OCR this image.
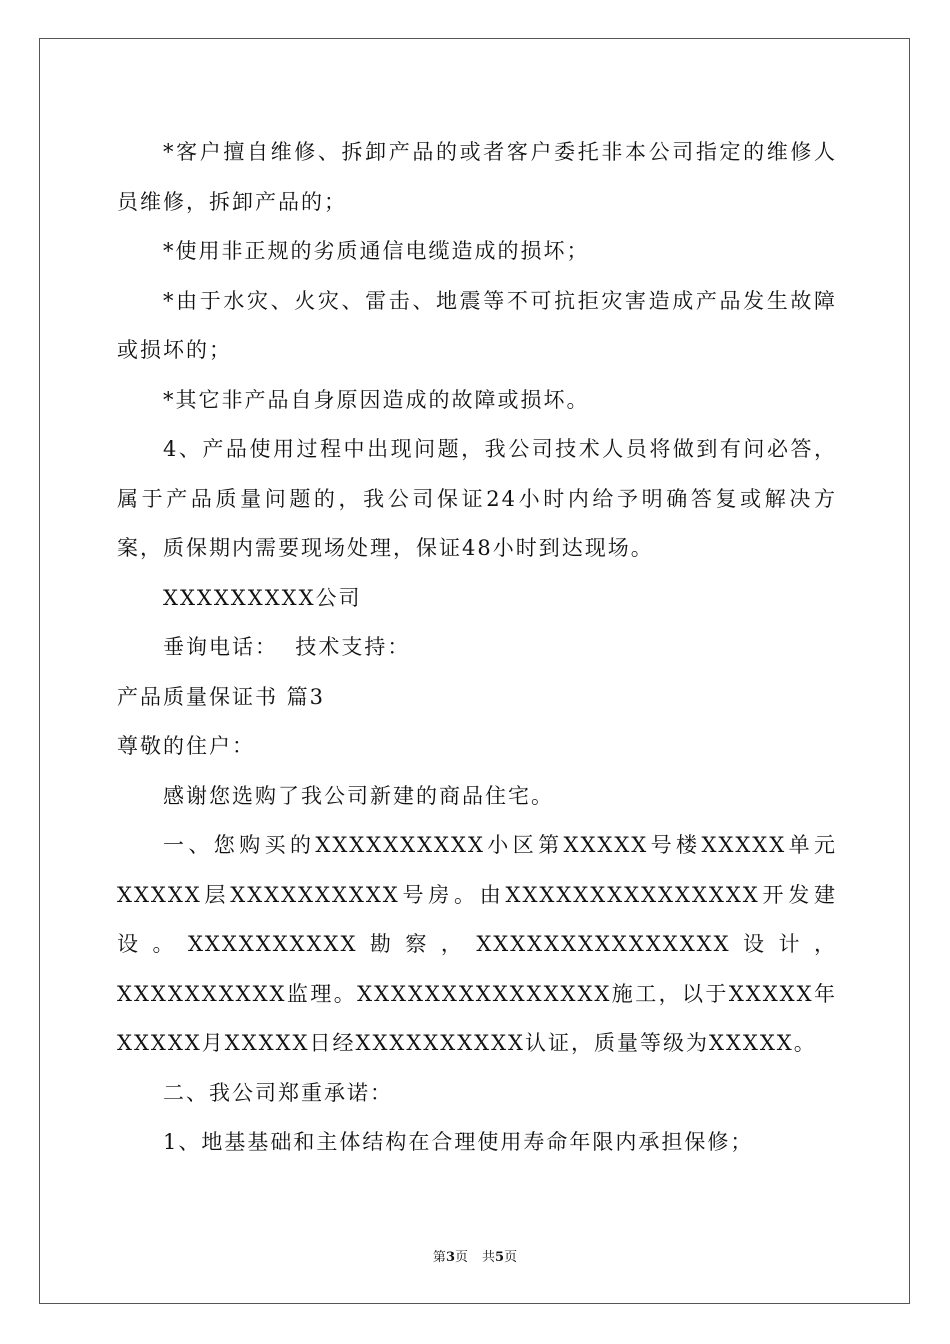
*客户擅自维修、拆卸产品的或者客户委托非本公司指定的维修人员维修，拆卸产品的；

*使用非正规的劣质通信电缆造成的损坏；

*由于水灾、火灾、雷击、地震等不可抗拒灾害造成产品发生故障或损坏的；

*其它非产品自身原因造成的故障或损坏。

4、产品使用过程中出现问题，我公司技术人员将做到有问必答，属于产品质量问题的，我公司保证24小时内给予明确答复或解决方案，质保期内需要现场处理，保证48小时到达现场。

XXXXXXXXX公司

垂询电话：  技术支持：

产品质量保证书 篇3

尊敬的住户：

感谢您选购了我公司新建的商品住宅。

一、您购买的XXXXXXXXXX小区第XXXXX号楼XXXXX单元XXXXX层XXXXXXXXXX号房。由XXXXXXXXXXXXXXX开发建设。XXXXXXXXXX勘察，XXXXXXXXXXXXXXX设计，XXXXXXXXXX监理。XXXXXXXXXXXXXXX施工，以于XXXXX年XXXXX月XXXXX日经XXXXXXXXXX认证，质量等级为XXXXX。

二、我公司郑重承诺：

1、地基基础和主体结构在合理使用寿命年限内承担保修；

第3页 共5页
